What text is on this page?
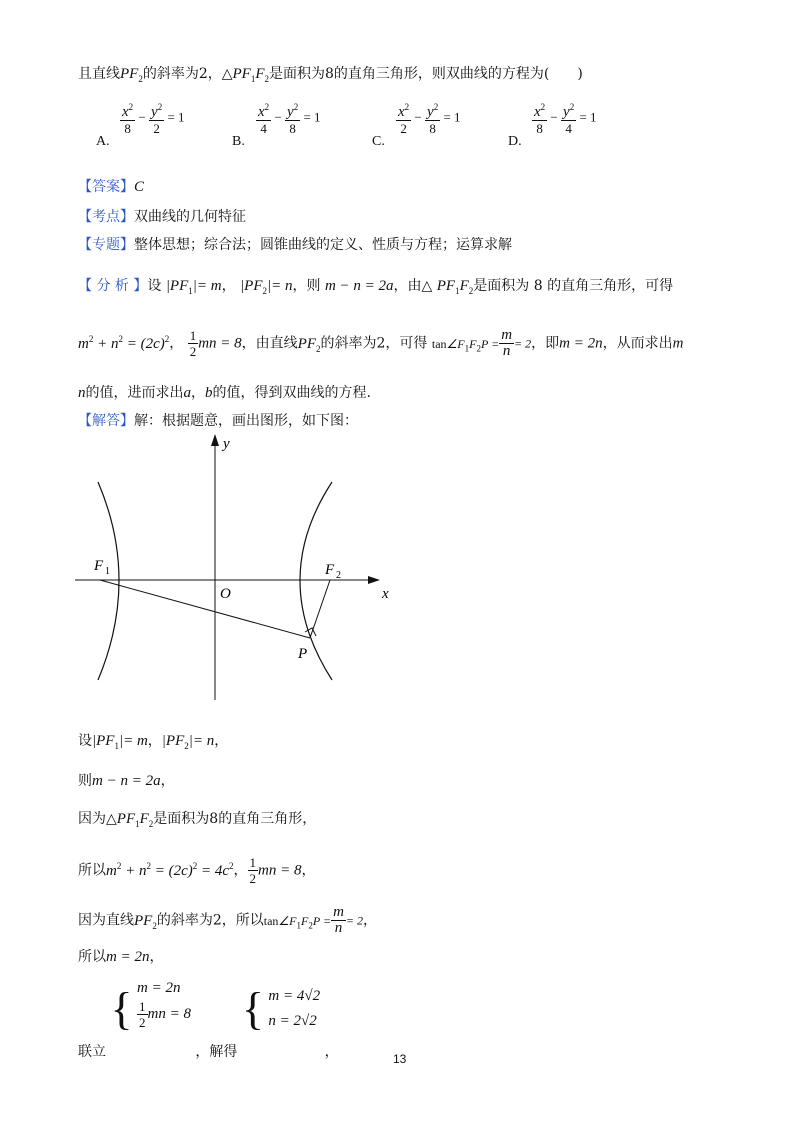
且直线$PF_2$的斜率为2，$\triangle PF_1F_2$是面积为8的直角三角形，则双曲线的方程为(　　)
$\frac{x^2}{8} - \frac{y^2}{2} = 1$
A.
$\frac{x^2}{4} - \frac{y^2}{8} = 1$
B.
$\frac{x^2}{2} - \frac{y^2}{8} = 1$
C.
$\frac{x^2}{8} - \frac{y^2}{4} = 1$
D.
【答案】C
【考点】双曲线的几何特征
【专题】整体思想；综合法；圆锥曲线的定义、性质与方程；运算求解
【 分 析 】设 $|PF_1|= m$， $|PF_2|= n$，则 m − n = 2a，由△ $PF_1F_2$是面积为 8 的直角三角形，可得
$m^2 + n^2 = (2c)^2$， $\frac{1}{2}$ mn = 8，由直线$PF_2$的斜率为2，可得 $\tan\angle F_1F_2P = \frac{m}{n} = 2$，即m = 2n，从而求出m
n的值，进而求出a，b的值，得到双曲线的方程.
【解答】解：根据题意，画出图形，如下图：
y
x
O
F 1	F 2
P
设$|PF_1|= m$，$|PF_2|= n$，
则m − n = 2a，
因为$\triangle PF_1F_2$是面积为8的直角三角形，
所以$m^2 + n^2 = (2c)^2 = 4c^2$， $\frac{1}{2}$ mn = 8，
因为直线$PF_2$的斜率为2，所以$\tan\angle F_1F_2P = \frac{m}{n} = 2$，
所以m = 2n，
联立 { m = 2n

$\frac{1}{2}$ mn = 8 ，解得 { m = 4√2
n = 2√2 ，	13
